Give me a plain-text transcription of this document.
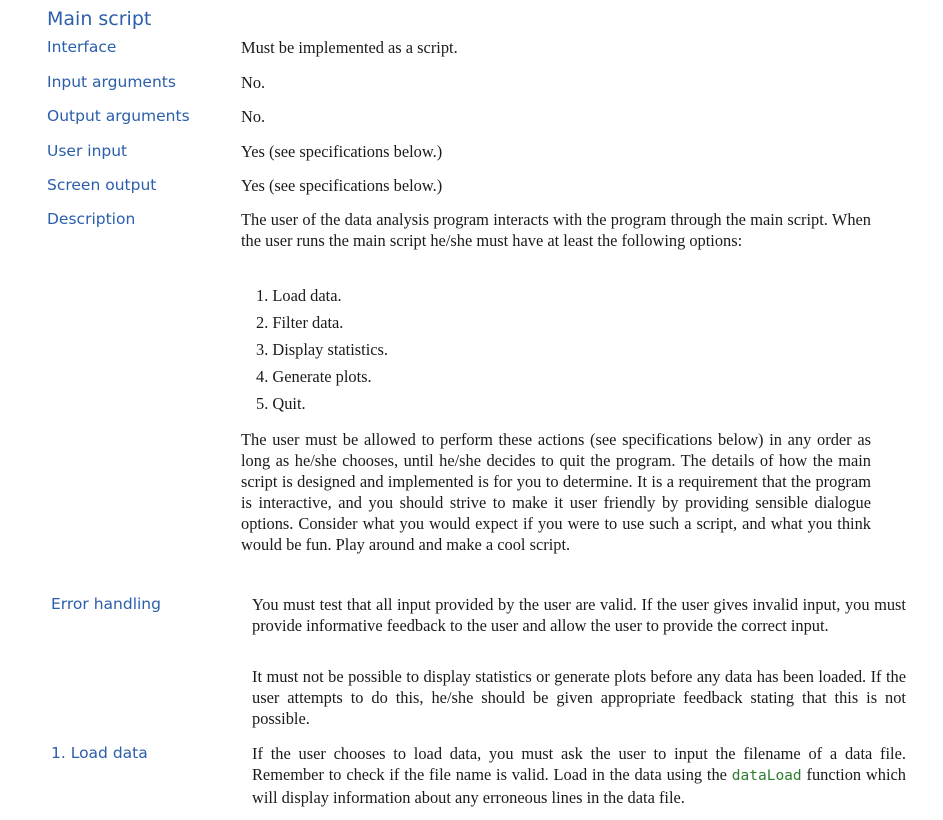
Main script
Interface	Must be implemented as a script.
Input arguments	No.
Output arguments	No.
User input	Yes (see specifications below.)
Screen output	Yes (see specifications below.)
Description	The user of the data analysis program interacts with the program through the main script. When the user runs the main script he/she must have at least the following options:
1. Load data.
2. Filter data.
3. Display statistics.
4. Generate plots.
5. Quit.
The user must be allowed to perform these actions (see specifications below) in any order as long as he/she chooses, until he/she decides to quit the program. The details of how the main script is designed and implemented is for you to determine. It is a requirement that the program is interactive, and you should strive to make it user friendly by providing sensible dialogue options. Consider what you would expect if you were to use such a script, and what you think would be fun. Play around and make a cool script.
Error handling	You must test that all input provided by the user are valid. If the user gives invalid input, you must provide informative feedback to the user and allow the user to provide the correct input.
It must not be possible to display statistics or generate plots before any data has been loaded. If the user attempts to do this, he/she should be given appropriate feedback stating that this is not possible.
1. Load data	If the user chooses to load data, you must ask the user to input the filename of a data file. Remember to check if the file name is valid. Load in the data using the dataLoad function which will display information about any erroneous lines in the data file.
